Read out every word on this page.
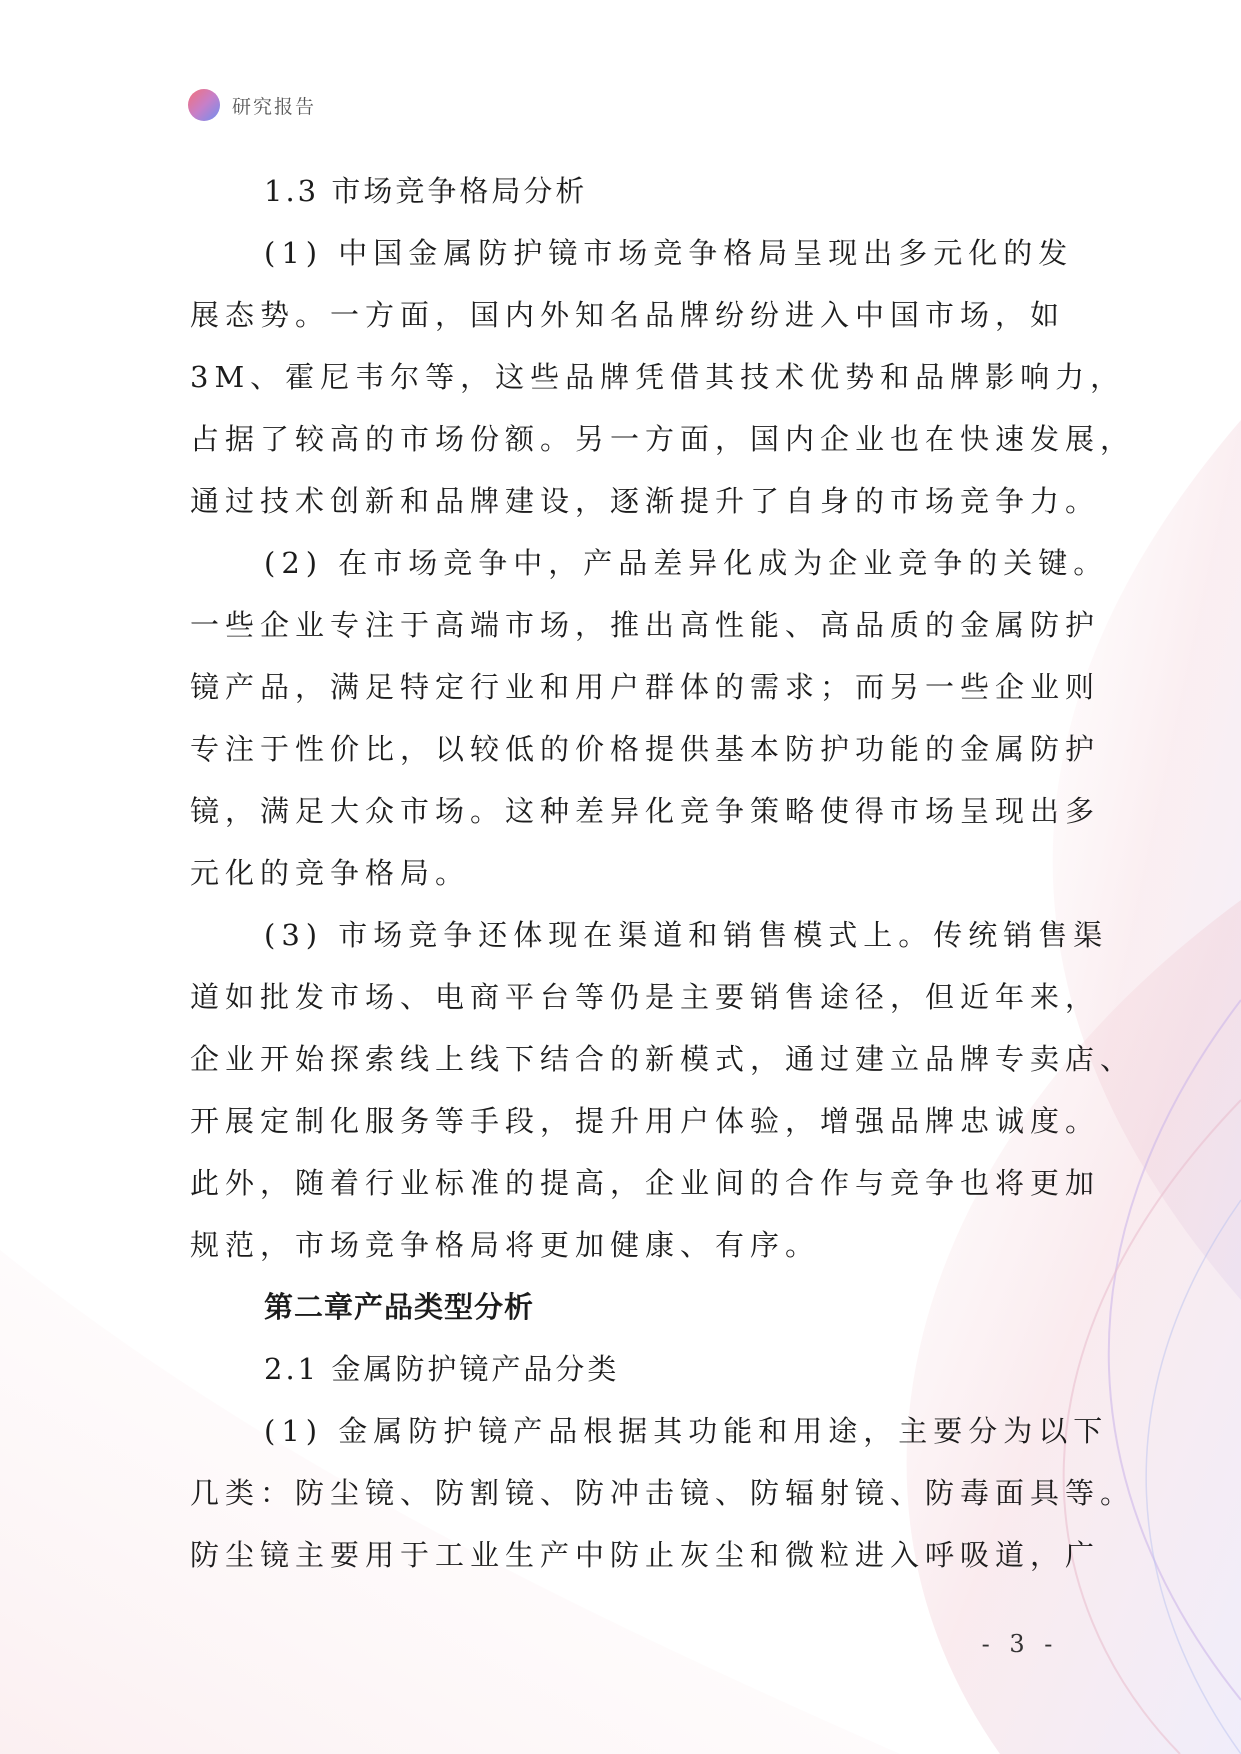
研究报告
1.3 市场竞争格局分析
(1) 中国金属防护镜市场竞争格局呈现出多元化的发
展态势。一方面，国内外知名品牌纷纷进入中国市场，如
3M、霍尼韦尔等，这些品牌凭借其技术优势和品牌影响力，
占据了较高的市场份额。另一方面，国内企业也在快速发展，
通过技术创新和品牌建设，逐渐提升了自身的市场竞争力。
(2) 在市场竞争中，产品差异化成为企业竞争的关键。
一些企业专注于高端市场，推出高性能、高品质的金属防护
镜产品，满足特定行业和用户群体的需求；而另一些企业则
专注于性价比，以较低的价格提供基本防护功能的金属防护
镜，满足大众市场。这种差异化竞争策略使得市场呈现出多
元化的竞争格局。
(3) 市场竞争还体现在渠道和销售模式上。传统销售渠
道如批发市场、电商平台等仍是主要销售途径，但近年来，
企业开始探索线上线下结合的新模式，通过建立品牌专卖店、
开展定制化服务等手段，提升用户体验，增强品牌忠诚度。
此外，随着行业标准的提高，企业间的合作与竞争也将更加
规范，市场竞争格局将更加健康、有序。
第二章产品类型分析
2.1 金属防护镜产品分类
(1) 金属防护镜产品根据其功能和用途，主要分为以下
几类：防尘镜、防割镜、防冲击镜、防辐射镜、防毒面具等。
防尘镜主要用于工业生产中防止灰尘和微粒进入呼吸道，广
- 3 -
